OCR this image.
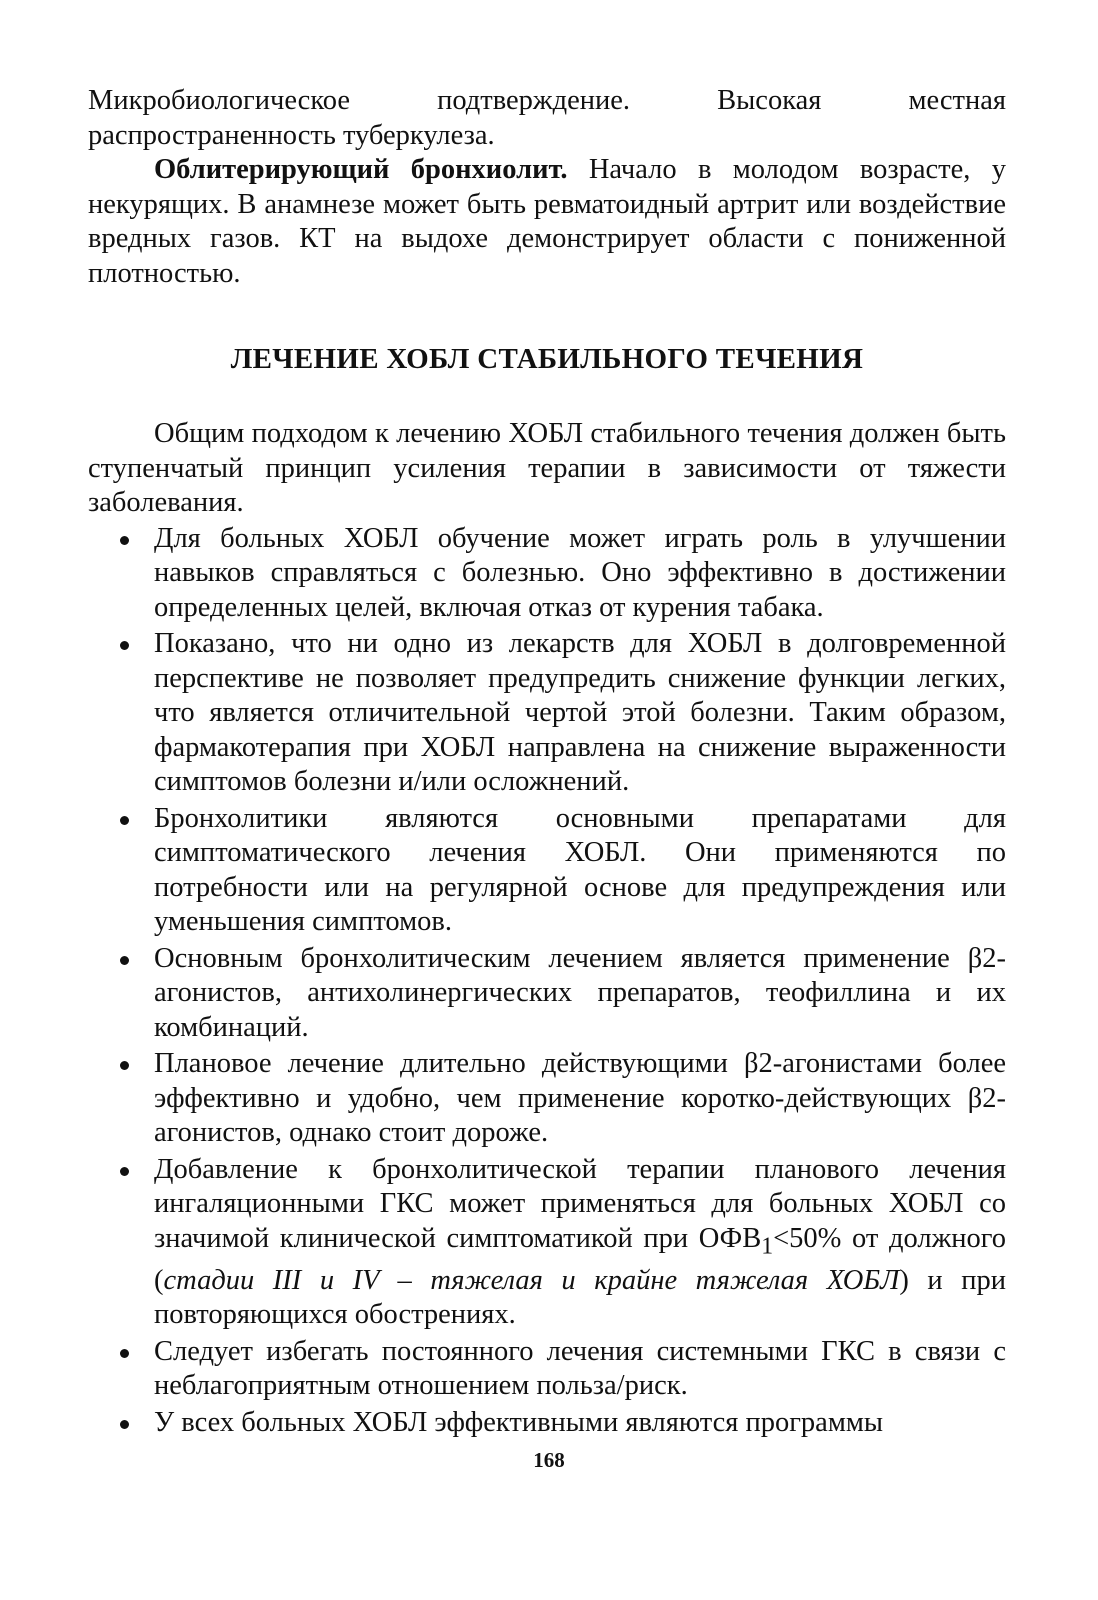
Микробиологическое подтверждение. Высокая местная распространенность туберкулеза.

Облитерирующий бронхиолит. Начало в молодом возрасте, у некурящих. В анамнезе может быть ревматоидный артрит или воздействие вредных газов. КТ на выдохе демонстрирует области с пониженной плотностью.

ЛЕЧЕНИЕ ХОБЛ СТАБИЛЬНОГО ТЕЧЕНИЯ

Общим подходом к лечению ХОБЛ стабильного течения должен быть ступенчатый принцип усиления терапии в зависимости от тяжести заболевания.

Для больных ХОБЛ обучение может играть роль в улучшении навыков справляться с болезнью. Оно эффективно в достижении определенных целей, включая отказ от курения табака.

Показано, что ни одно из лекарств для ХОБЛ в долговременной перспективе не позволяет предупредить снижение функции легких, что является отличительной чертой этой болезни. Таким образом, фармакотерапия при ХОБЛ направлена на снижение выраженности симптомов болезни и/или осложнений.

Бронхолитики являются основными препаратами для симптоматического лечения ХОБЛ. Они применяются по потребности или на регулярной основе для предупреждения или уменьшения симптомов.

Основным бронхолитическим лечением является применение β2-агонистов, антихолинергических препаратов, теофиллина и их комбинаций.

Плановое лечение длительно действующими β2-агонистами более эффективно и удобно, чем применение коротко-действующих β2-агонистов, однако стоит дороже.

Добавление к бронхолитической терапии планового лечения ингаляционными ГКС может применяться для больных ХОБЛ со значимой клинической симптоматикой при $ОФВ_1<50\%$ от должного (стадии III и IV – тяжелая и крайне тяжелая ХОБЛ) и при повторяющихся обострениях.

Следует избегать постоянного лечения системными ГКС в связи с неблагоприятным отношением польза/риск.

У всех больных ХОБЛ эффективными являются программы

168
